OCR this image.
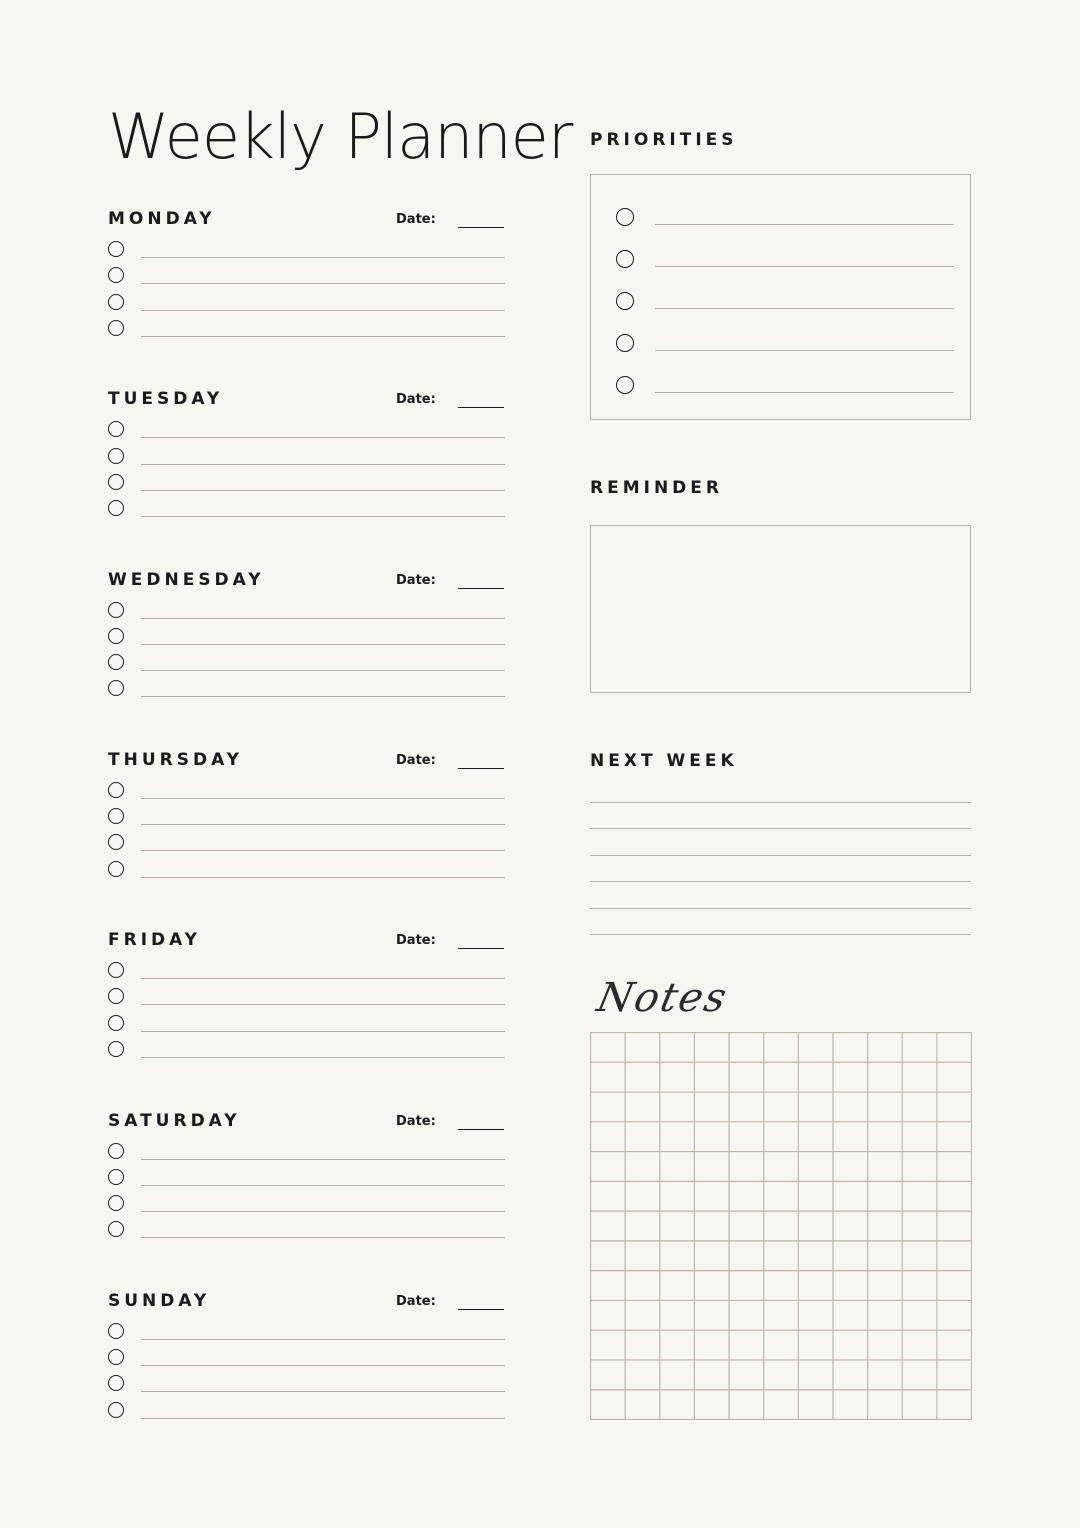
Weekly Planner
MONDAY	Date:
TUESDAY	Date:
WEDNESDAY	Date:
THURSDAY	Date:
FRIDAY	Date:
SATURDAY	Date:
SUNDAY	Date:
PRIORITIES
REMINDER
NEXT WEEK
Notes
